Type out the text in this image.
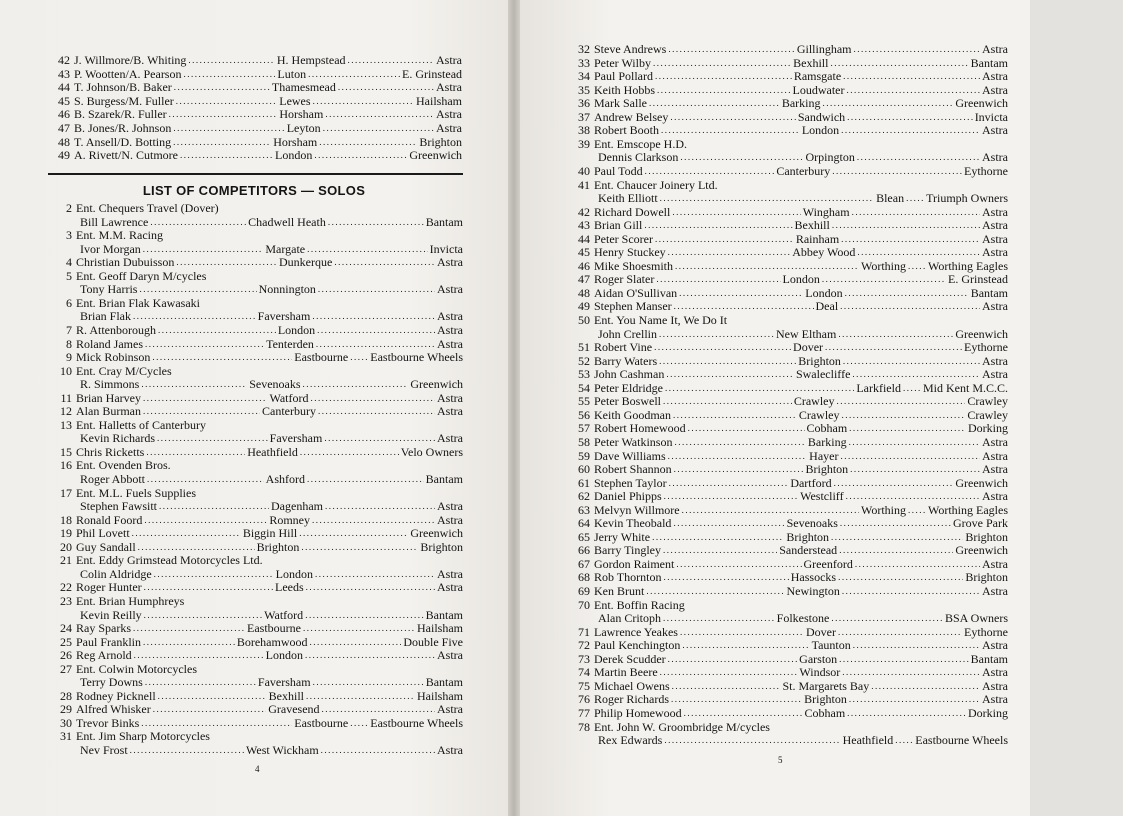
42 J. Willmore/B. Whiting .....	H. Hempstead .....	Astra
43 P. Wootten/A. Pearson .....	Luton .....	E. Grinstead
44 T. Johnson/B. Baker .....	Thamesmead .....	Astra
45 S. Burgess/M. Fuller .....	Lewes .....	Hailsham
46 B. Szarek/R. Fuller .....	Horsham .....	Astra
47 B. Jones/R. Johnson .....	Leyton .....	Astra
48 T. Ansell/D. Botting .....	Horsham .....	Brighton
49 A. Rivett/N. Cutmore .....	London .....	Greenwich
LIST OF COMPETITORS — SOLOS
2 Ent. Chequers Travel (Dover)
Bill Lawrence .....	Chadwell Heath .....	Bantam
3 Ent. M.M. Racing
Ivor Morgan .....	Margate .....	Invicta
4 Christian Dubuisson .....	Dunkerque .....	Astra
5 Ent. Geoff Daryn M/cycles
Tony Harris .....	Nonnington .....	Astra
6 Ent. Brian Flak Kawasaki
Brian Flak .....	Faversham .....	Astra
7 R. Attenborough .....	London .....	Astra
8 Roland James .....	Tenterden .....	Astra
9 Mick Robinson .....	Eastbourne ..... Eastbourne Wheels
10 Ent. Cray M/Cycles
R. Simmons .....	Sevenoaks .....	Greenwich
11 Brian Harvey .....	Watford .....	Astra
12 Alan Burman .....	Canterbury .....	Astra
13 Ent. Halletts of Canterbury
Kevin Richards .....	Faversham .....	Astra
15 Chris Ricketts .....	Heathfield .....	Velo Owners
16 Ent. Ovenden Bros.
Roger Abbott .....	Ashford .....	Bantam
17 Ent. M.L. Fuels Supplies
Stephen Fawsitt .....	Dagenham .....	Astra
18 Ronald Foord .....	Romney .....	Astra
19 Phil Lovett .....	Biggin Hill .....	Greenwich
20 Guy Sandall .....	Brighton .....	Brighton
21 Ent. Eddy Grimstead Motorcycles Ltd.
Colin Aldridge .....	London .....	Astra
22 Roger Hunter .....	Leeds .....	Astra
23 Ent. Brian Humphreys
Kevin Reilly .....	Watford .....	Bantam
24 Ray Sparks .....	Eastbourne .....	Hailsham
25 Paul Franklin .....	Borehamwood .....	Double Five
26 Reg Arnold .....	London .....	Astra
27 Ent. Colwin Motorcycles
Terry Downs .....	Faversham .....	Bantam
28 Rodney Picknell .....	Bexhill .....	Hailsham
29 Alfred Whisker .....	Gravesend .....	Astra
30 Trevor Binks .....	Eastbourne ..... Eastbourne Wheels
31 Ent. Jim Sharp Motorcycles
Nev Frost .....	West Wickham .....	Astra
4
32 Steve Andrews .....	Gillingham .....	Astra
33 Peter Wilby .....	Bexhill .....	Bantam
34 Paul Pollard .....	Ramsgate .....	Astra
35 Keith Hobbs .....	Loudwater .....	Astra
36 Mark Salle .....	Barking .....	Greenwich
37 Andrew Belsey .....	Sandwich .....	Invicta
38 Robert Booth .....	London .....	Astra
39 Ent. Emscope H.D.
Dennis Clarkson .....	Orpington .....	Astra
40 Paul Todd .....	Canterbury .....	Eythorne
41 Ent. Chaucer Joinery Ltd.
Keith Elliott .....	Blean ..... Triumph Owners
42 Richard Dowell .....	Wingham .....	Astra
43 Brian Gill .....	Bexhill .....	Astra
44 Peter Scorer .....	Rainham .....	Astra
45 Henry Stuckey .....	Abbey Wood .....	Astra
46 Mike Shoesmith .....	Worthing ..... Worthing Eagles
47 Roger Slater .....	London .....	E. Grinstead
48 Aidan O'Sullivan .....	London .....	Bantam
49 Stephen Manser .....	Deal .....	Astra
50 Ent. You Name It, We Do It
John Crellin .....	New Eltham .....	Greenwich
51 Robert Vine .....	Dover .....	Eythorne
52 Barry Waters .....	Brighton .....	Astra
53 John Cashman .....	Swalecliffe .....	Astra
54 Peter Eldridge .....	Larkfield ..... Mid Kent M.C.C.
55 Peter Boswell .....	Crawley .....	Crawley
56 Keith Goodman .....	Crawley .....	Crawley
57 Robert Homewood .....	Cobham .....	Dorking
58 Peter Watkinson .....	Barking .....	Astra
59 Dave Williams .....	Hayer .....	Astra
60 Robert Shannon .....	Brighton .....	Astra
61 Stephen Taylor .....	Dartford .....	Greenwich
62 Daniel Phipps .....	Westcliff .....	Astra
63 Melvyn Willmore .....	Worthing ..... Worthing Eagles
64 Kevin Theobald .....	Sevenoaks .....	Grove Park
65 Jerry White .....	Brighton .....	Brighton
66 Barry Tingley .....	Sanderstead .....	Greenwich
67 Gordon Raiment .....	Greenford .....	Astra
68 Rob Thornton .....	Hassocks .....	Brighton
69 Ken Brunt .....	Newington .....	Astra
70 Ent. Boffin Racing
Alan Critoph .....	Folkestone .....	BSA Owners
71 Lawrence Yeakes .....	Dover .....	Eythorne
72 Paul Kenchington .....	Taunton .....	Astra
73 Derek Scudder .....	Garston .....	Bantam
74 Martin Beere .....	Windsor .....	Astra
75 Michael Owens .....	St. Margarets Bay .....	Astra
76 Roger Richards .....	Brighton .....	Astra
77 Philip Homewood .....	Cobham .....	Dorking
78 Ent. John W. Groombridge M/cycles
Rex Edwards .....	Heathfield ..... Eastbourne Wheels
5
